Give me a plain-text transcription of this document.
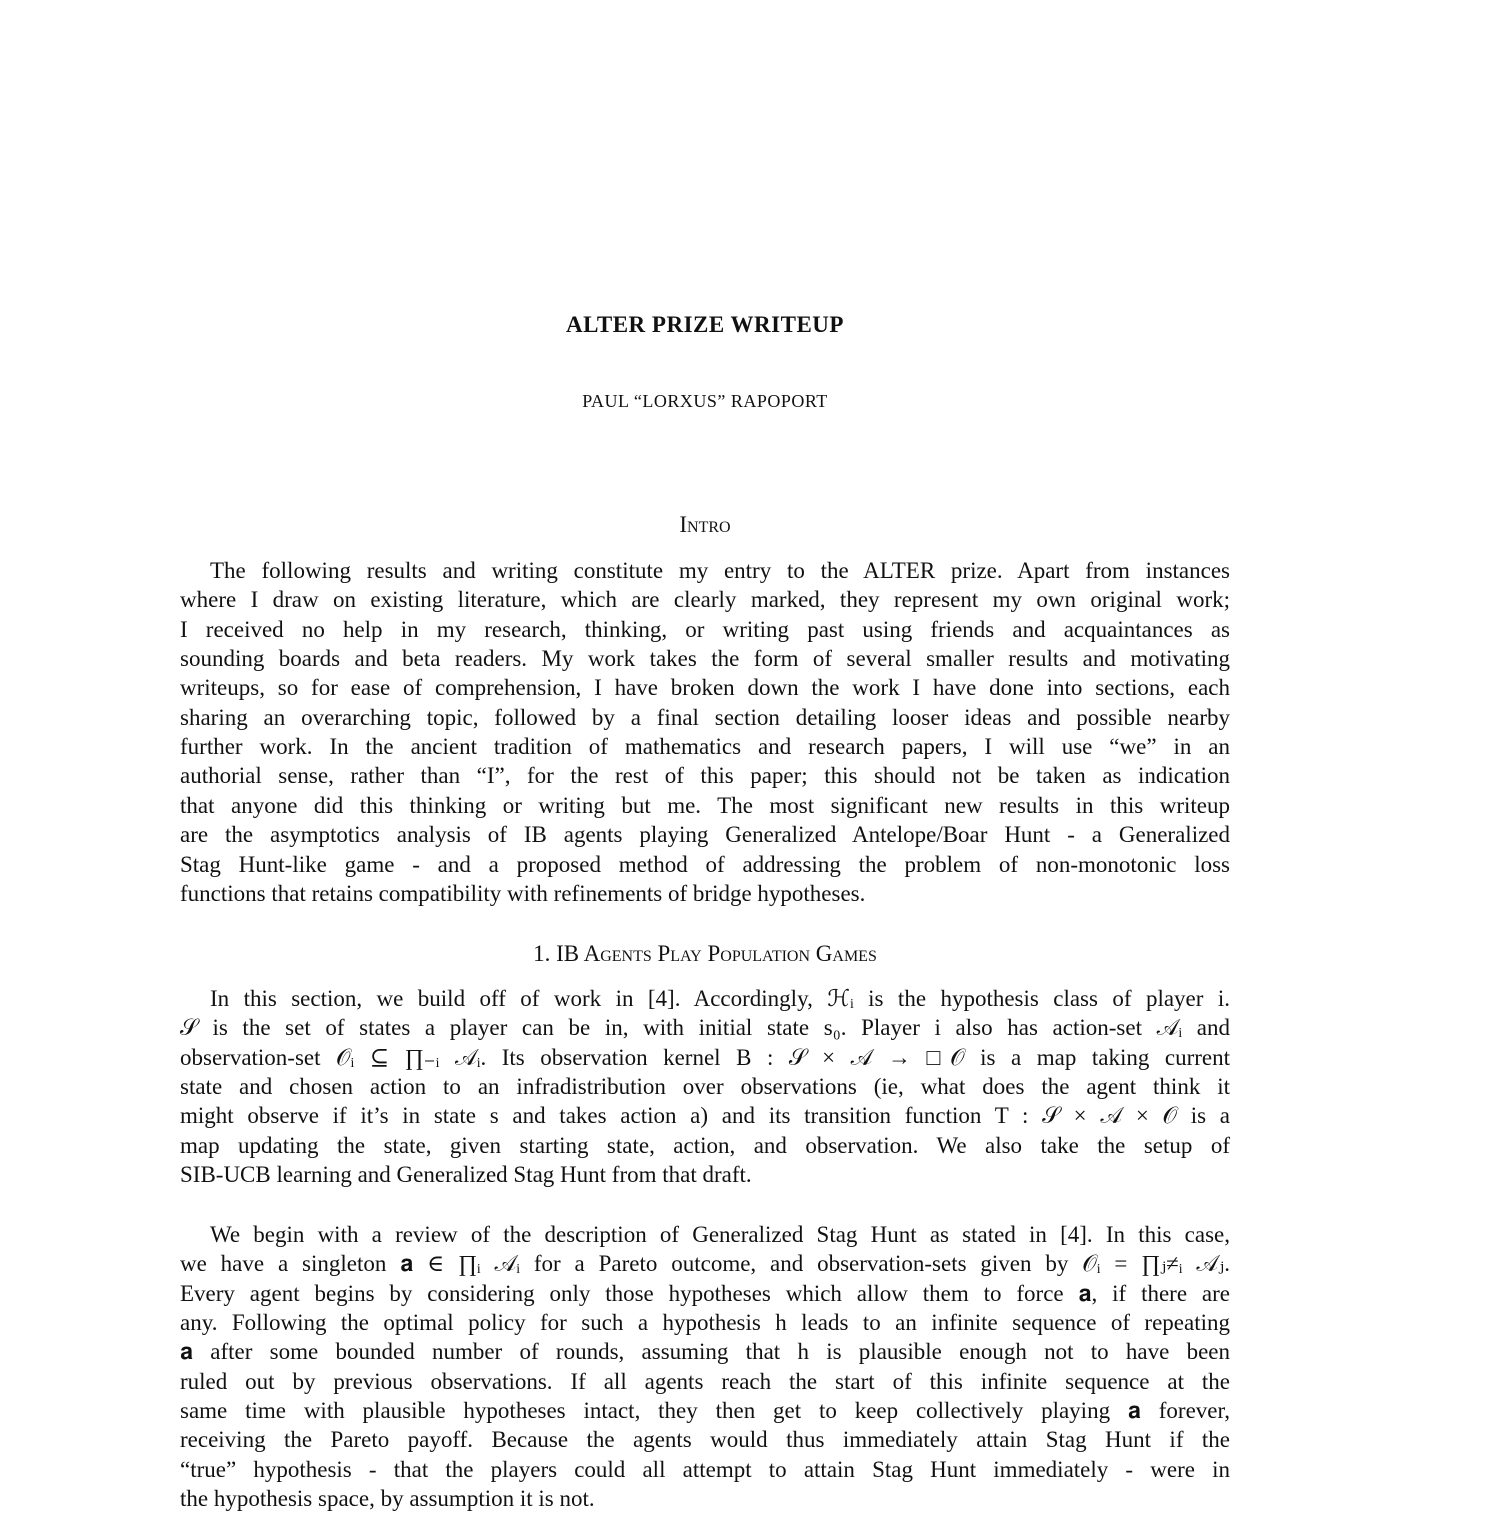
ALTER PRIZE WRITEUP
PAUL “LORXUS” RAPOPORT
Intro
The following results and writing constitute my entry to the ALTER prize. Apart from instances
where I draw on existing literature, which are clearly marked, they represent my own original work;
I received no help in my research, thinking, or writing past using friends and acquaintances as
sounding boards and beta readers. My work takes the form of several smaller results and motivating
writeups, so for ease of comprehension, I have broken down the work I have done into sections, each
sharing an overarching topic, followed by a final section detailing looser ideas and possible nearby
further work. In the ancient tradition of mathematics and research papers, I will use “we” in an
authorial sense, rather than “I”, for the rest of this paper; this should not be taken as indication
that anyone did this thinking or writing but me. The most significant new results in this writeup
are the asymptotics analysis of IB agents playing Generalized Antelope/Boar Hunt - a Generalized
Stag Hunt-like game - and a proposed method of addressing the problem of non-monotonic loss
functions that retains compatibility with refinements of bridge hypotheses.
1. IB Agents Play Population Games
In this section, we build off of work in [4]. Accordingly, ℋᵢ is the hypothesis class of player i.
𝒮 is the set of states a player can be in, with initial state s₀. Player i also has action-set 𝒜ᵢ and
observation-set 𝒪ᵢ ⊆ ∏₋ᵢ 𝒜ᵢ. Its observation kernel B : 𝒮 × 𝒜 → □𝒪 is a map taking current
state and chosen action to an infradistribution over observations (ie, what does the agent think it
might observe if it’s in state s and takes action a) and its transition function T : 𝒮 × 𝒜 × 𝒪 is a
map updating the state, given starting state, action, and observation. We also take the setup of
SIB-UCB learning and Generalized Stag Hunt from that draft.
We begin with a review of the description of Generalized Stag Hunt as stated in [4]. In this case,
we have a singleton 𝐚 ∈ ∏ᵢ 𝒜ᵢ for a Pareto outcome, and observation-sets given by 𝒪ᵢ = ∏ⱼ≠ᵢ 𝒜ⱼ.
Every agent begins by considering only those hypotheses which allow them to force 𝐚, if there are
any. Following the optimal policy for such a hypothesis h leads to an infinite sequence of repeating
𝐚 after some bounded number of rounds, assuming that h is plausible enough not to have been
ruled out by previous observations. If all agents reach the start of this infinite sequence at the
same time with plausible hypotheses intact, they then get to keep collectively playing 𝐚 forever,
receiving the Pareto payoff. Because the agents would thus immediately attain Stag Hunt if the
“true” hypothesis - that the players could all attempt to attain Stag Hunt immediately - were in
the hypothesis space, by assumption it is not.
